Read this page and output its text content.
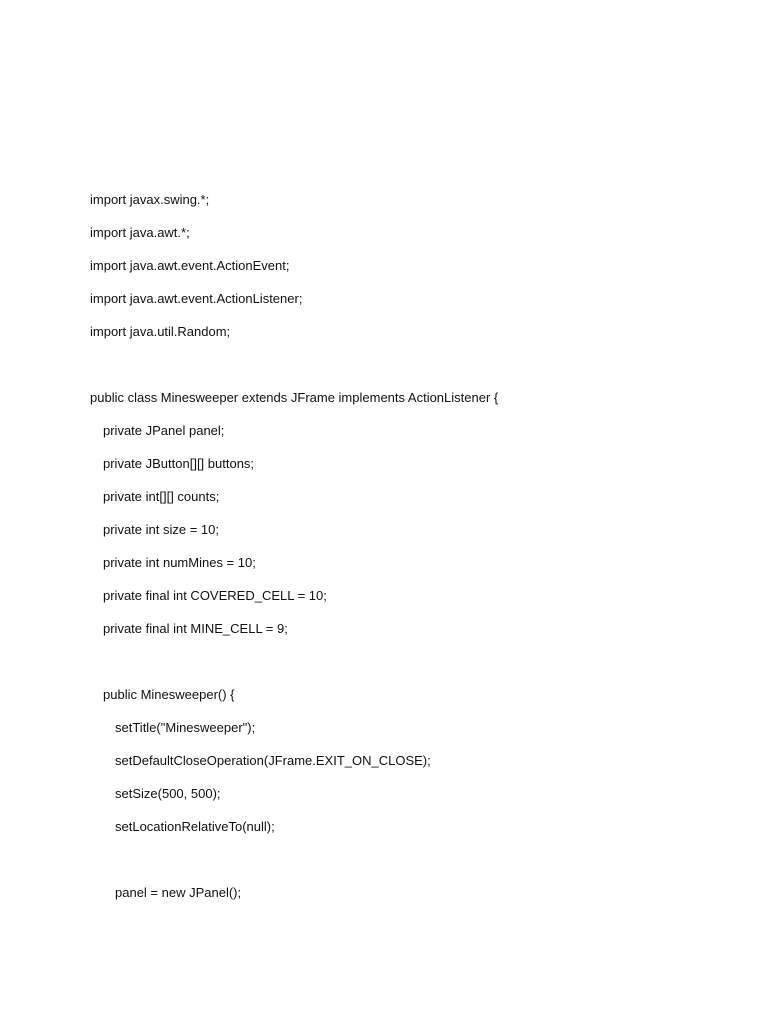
import javax.swing.*;
import java.awt.*;
import java.awt.event.ActionEvent;
import java.awt.event.ActionListener;
import java.util.Random;
public class Minesweeper extends JFrame implements ActionListener {
private JPanel panel;
private JButton[][] buttons;
private int[][] counts;
private int size = 10;
private int numMines = 10;
private final int COVERED_CELL = 10;
private final int MINE_CELL = 9;
public Minesweeper() {
setTitle("Minesweeper");
setDefaultCloseOperation(JFrame.EXIT_ON_CLOSE);
setSize(500, 500);
setLocationRelativeTo(null);
panel = new JPanel();
